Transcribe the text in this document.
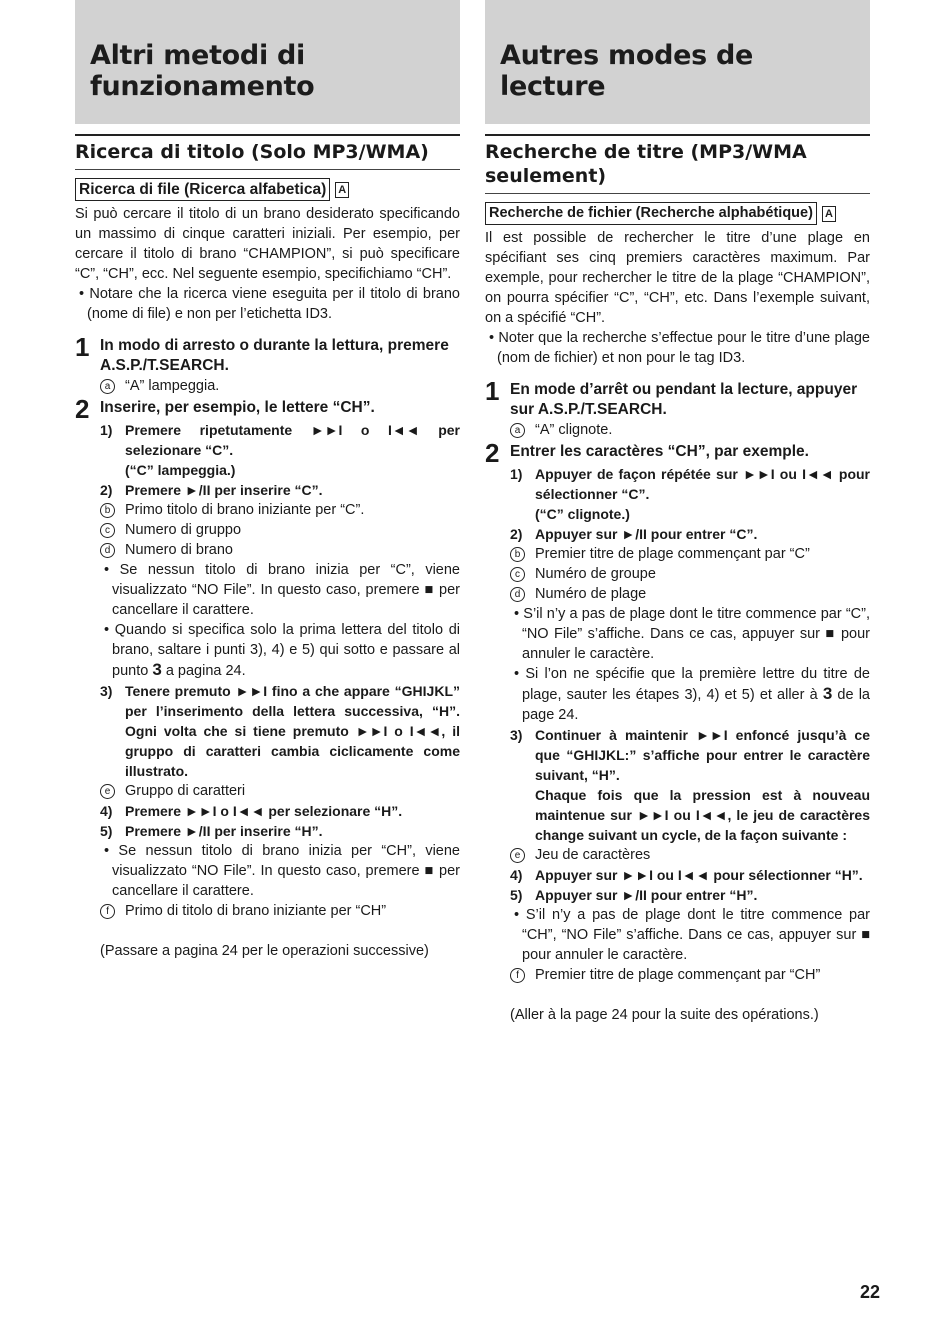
Altri metodi di
funzionamento
Ricerca di titolo (Solo MP3/WMA)
Ricerca di file (Ricerca alfabetica)	A

Si può cercare il titolo di un brano desiderato specificando un massimo di cinque caratteri iniziali. Per esempio, per cercare il titolo di brano “CHAMPION”, si può specificare “C”, “CH”, ecc. Nel seguente esempio, specifichiamo “CH”.

• Notare che la ricerca viene eseguita per il titolo di brano (nome di file) e non per l’etichetta ID3.

1 In modo di arresto o durante la lettura, premere A.S.P./T.SEARCH.
a	“A” lampeggia.
2 Inserire, per esempio, le lettere “CH”.
1) Premere ripetutamente ►►I o I◄◄ per selezionare “C”.
(“C” lampeggia.)
2) Premere ►/II per inserire “C”.
b	Primo titolo di brano iniziante per “C”.
c	Numero di gruppo
d	Numero di brano

• Se nessun titolo di brano inizia per “C”, viene visualizzato “NO File”. In questo caso, premere ■ per cancellare il carattere.

• Quando si specifica solo la prima lettera del titolo di brano, saltare i punti 3), 4) e 5) qui sotto e passare al punto 3 a pagina 24.

3) Tenere premuto ►►I fino a che appare “GHIJKL” per l’inserimento della lettera successiva, “H”. Ogni volta che si tiene premuto ►►I o I◄◄, il gruppo di caratteri cambia ciclicamente come illustrato.
e	Gruppo di caratteri
4) Premere ►►I o I◄◄ per selezionare “H”.
5) Premere ►/II per inserire “H”.

• Se nessun titolo di brano inizia per “CH”, viene visualizzato “NO File”. In questo caso, premere ■ per cancellare il carattere.

f	Primo di titolo di brano iniziante per “CH”

(Passare a pagina 24 per le operazioni successive)

Autres modes de
lecture
Recherche de titre (MP3/WMA seulement)
Recherche de fichier (Recherche alphabétique)	A

Il est possible de rechercher le titre d’une plage en spécifiant ses cinq premiers caractères maximum. Par exemple, pour rechercher le titre de la plage “CHAMPION”, on pourra spécifier “C”, “CH”, etc. Dans l’exemple suivant, on a spécifié “CH”.

• Noter que la recherche s’effectue pour le titre d’une plage (nom de fichier) et non pour le tag ID3.

1 En mode d’arrêt ou pendant la lecture, appuyer sur A.S.P./T.SEARCH.
a	“A” clignote.
2 Entrer les caractères “CH”, par exemple.
1) Appuyer de façon répétée sur ►►I ou I◄◄ pour sélectionner “C”.
(“C” clignote.)
2) Appuyer sur ►/II pour entrer “C”.
b	Premier titre de plage commençant par “C”
c	Numéro de groupe
d	Numéro de plage

• S’il n’y a pas de plage dont le titre commence par “C”, “NO File” s’affiche. Dans ce cas, appuyer sur ■ pour annuler le caractère.

• Si l’on ne spécifie que la première lettre du titre de plage, sauter les étapes 3), 4) et 5) et aller à 3 de la page 24.

3) Continuer à maintenir ►►I enfoncé jusqu’à ce que “GHIJKL:” s’affiche pour entrer le caractère suivant, “H”.
Chaque fois que la pression est à nouveau maintenue sur ►►I ou I◄◄, le jeu de caractères change suivant un cycle, de la façon suivante :
e	Jeu de caractères
4) Appuyer sur ►►I ou I◄◄ pour sélectionner “H”.
5) Appuyer sur ►/II pour entrer “H”.

• S’il n’y a pas de plage dont le titre commence par “CH”, “NO File” s’affiche. Dans ce cas, appuyer sur ■ pour annuler le caractère.

f	Premier titre de plage commençant par “CH”

(Aller à la page 24 pour la suite des opérations.)

22
